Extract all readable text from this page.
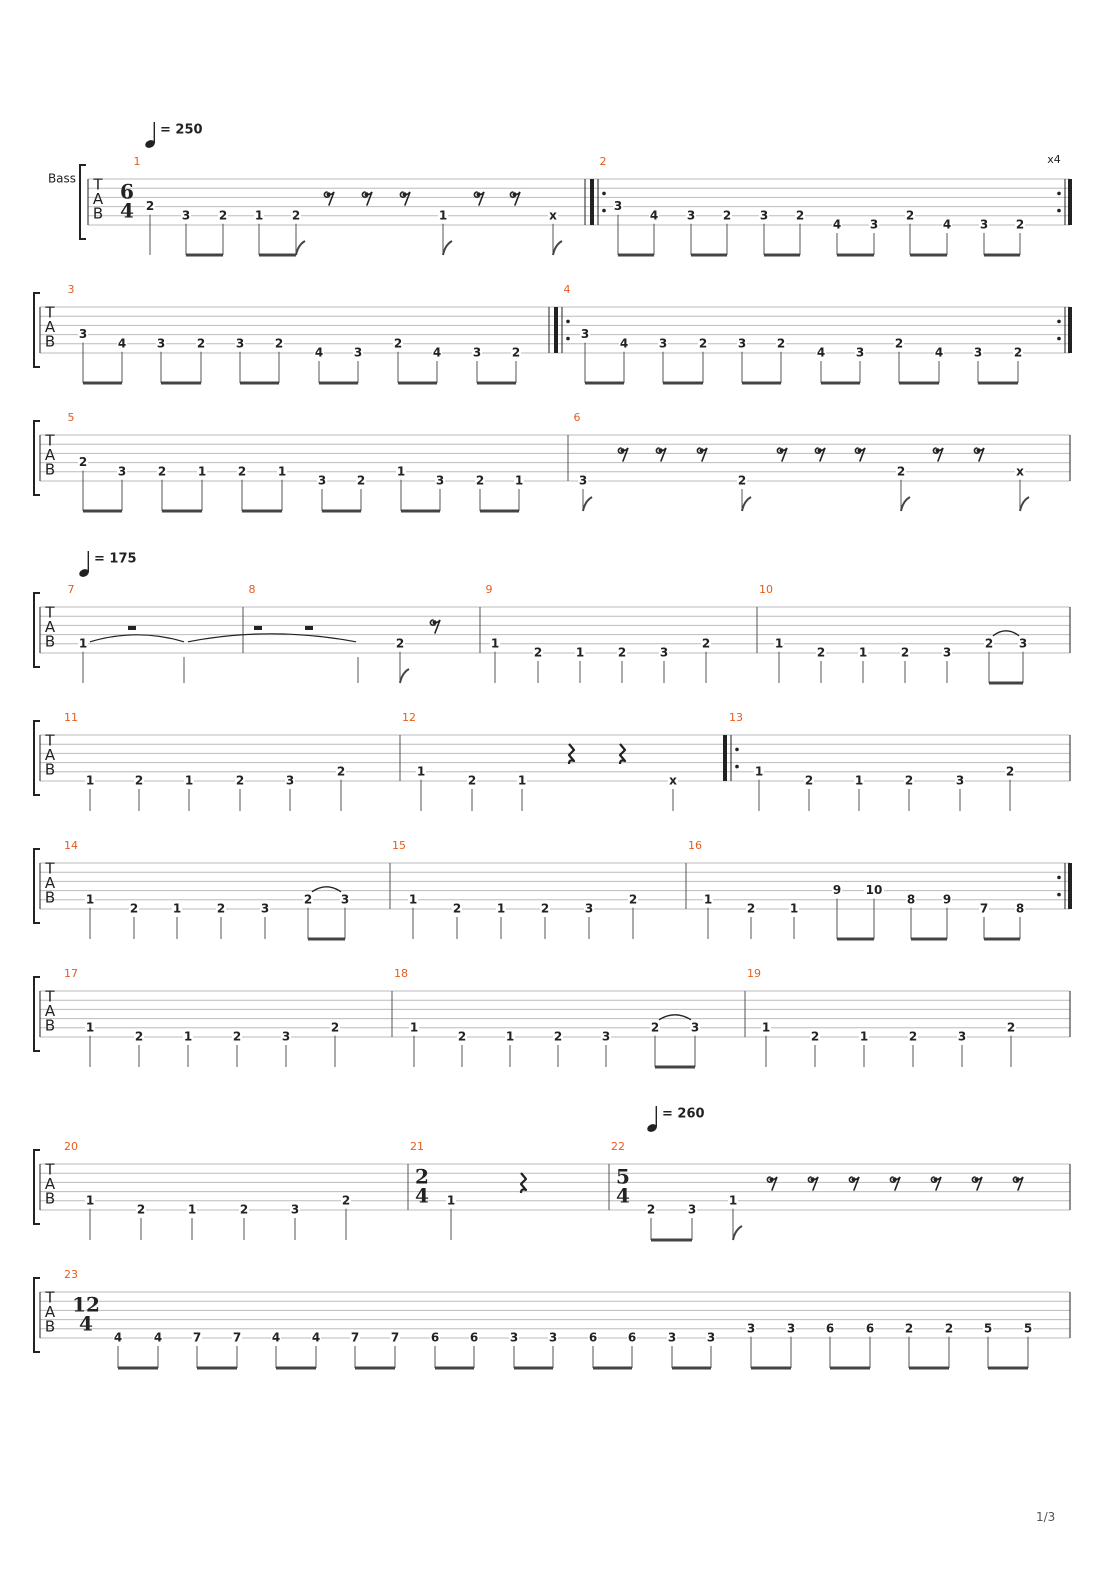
T
A
B
1
6
4 2
3 2 1 2	1	x
2
3
4 3 2 3 2
4 3
2
4 3 2
T
A
B
3
3
4	3	2	3	2
4	3
2
4	3	2
4
3
4	3	2	3	2
4	3
2
4	3	2
T
A
B
5
2
3	2	1	2	1
3	2
1
3	2	1
6
3	2
2	x
T
A
B
7
1
8
2
9
1
2	1	2	3
2
10
1
2	1	2	3
2 3
T
A
B
11
1	2	1	2	3
2
12
1
2	1	x
13
1
2	1	2	3
2
T
A
B
14
1
2	1	2	3
2 3
15
1
2	1	2	3
2
16
1
2	1
9 10
8 9
7 8
T
A
B
17
1
2	1	2	3
2
18
1
2	1	2	3
2	3
19
1
2	1	2	3
2
T
A
B
20
1
2	1	2	3
2
21
2
4 1
22
5
4
2	3
1
T
A
B
23
12
4
4	4	7	7	4	4	7	7	6	6	3	3	6	6	3	3
3	3	6	6	2	2	5	5
Bass
x4
= 250
= 175
= 260
1/3
